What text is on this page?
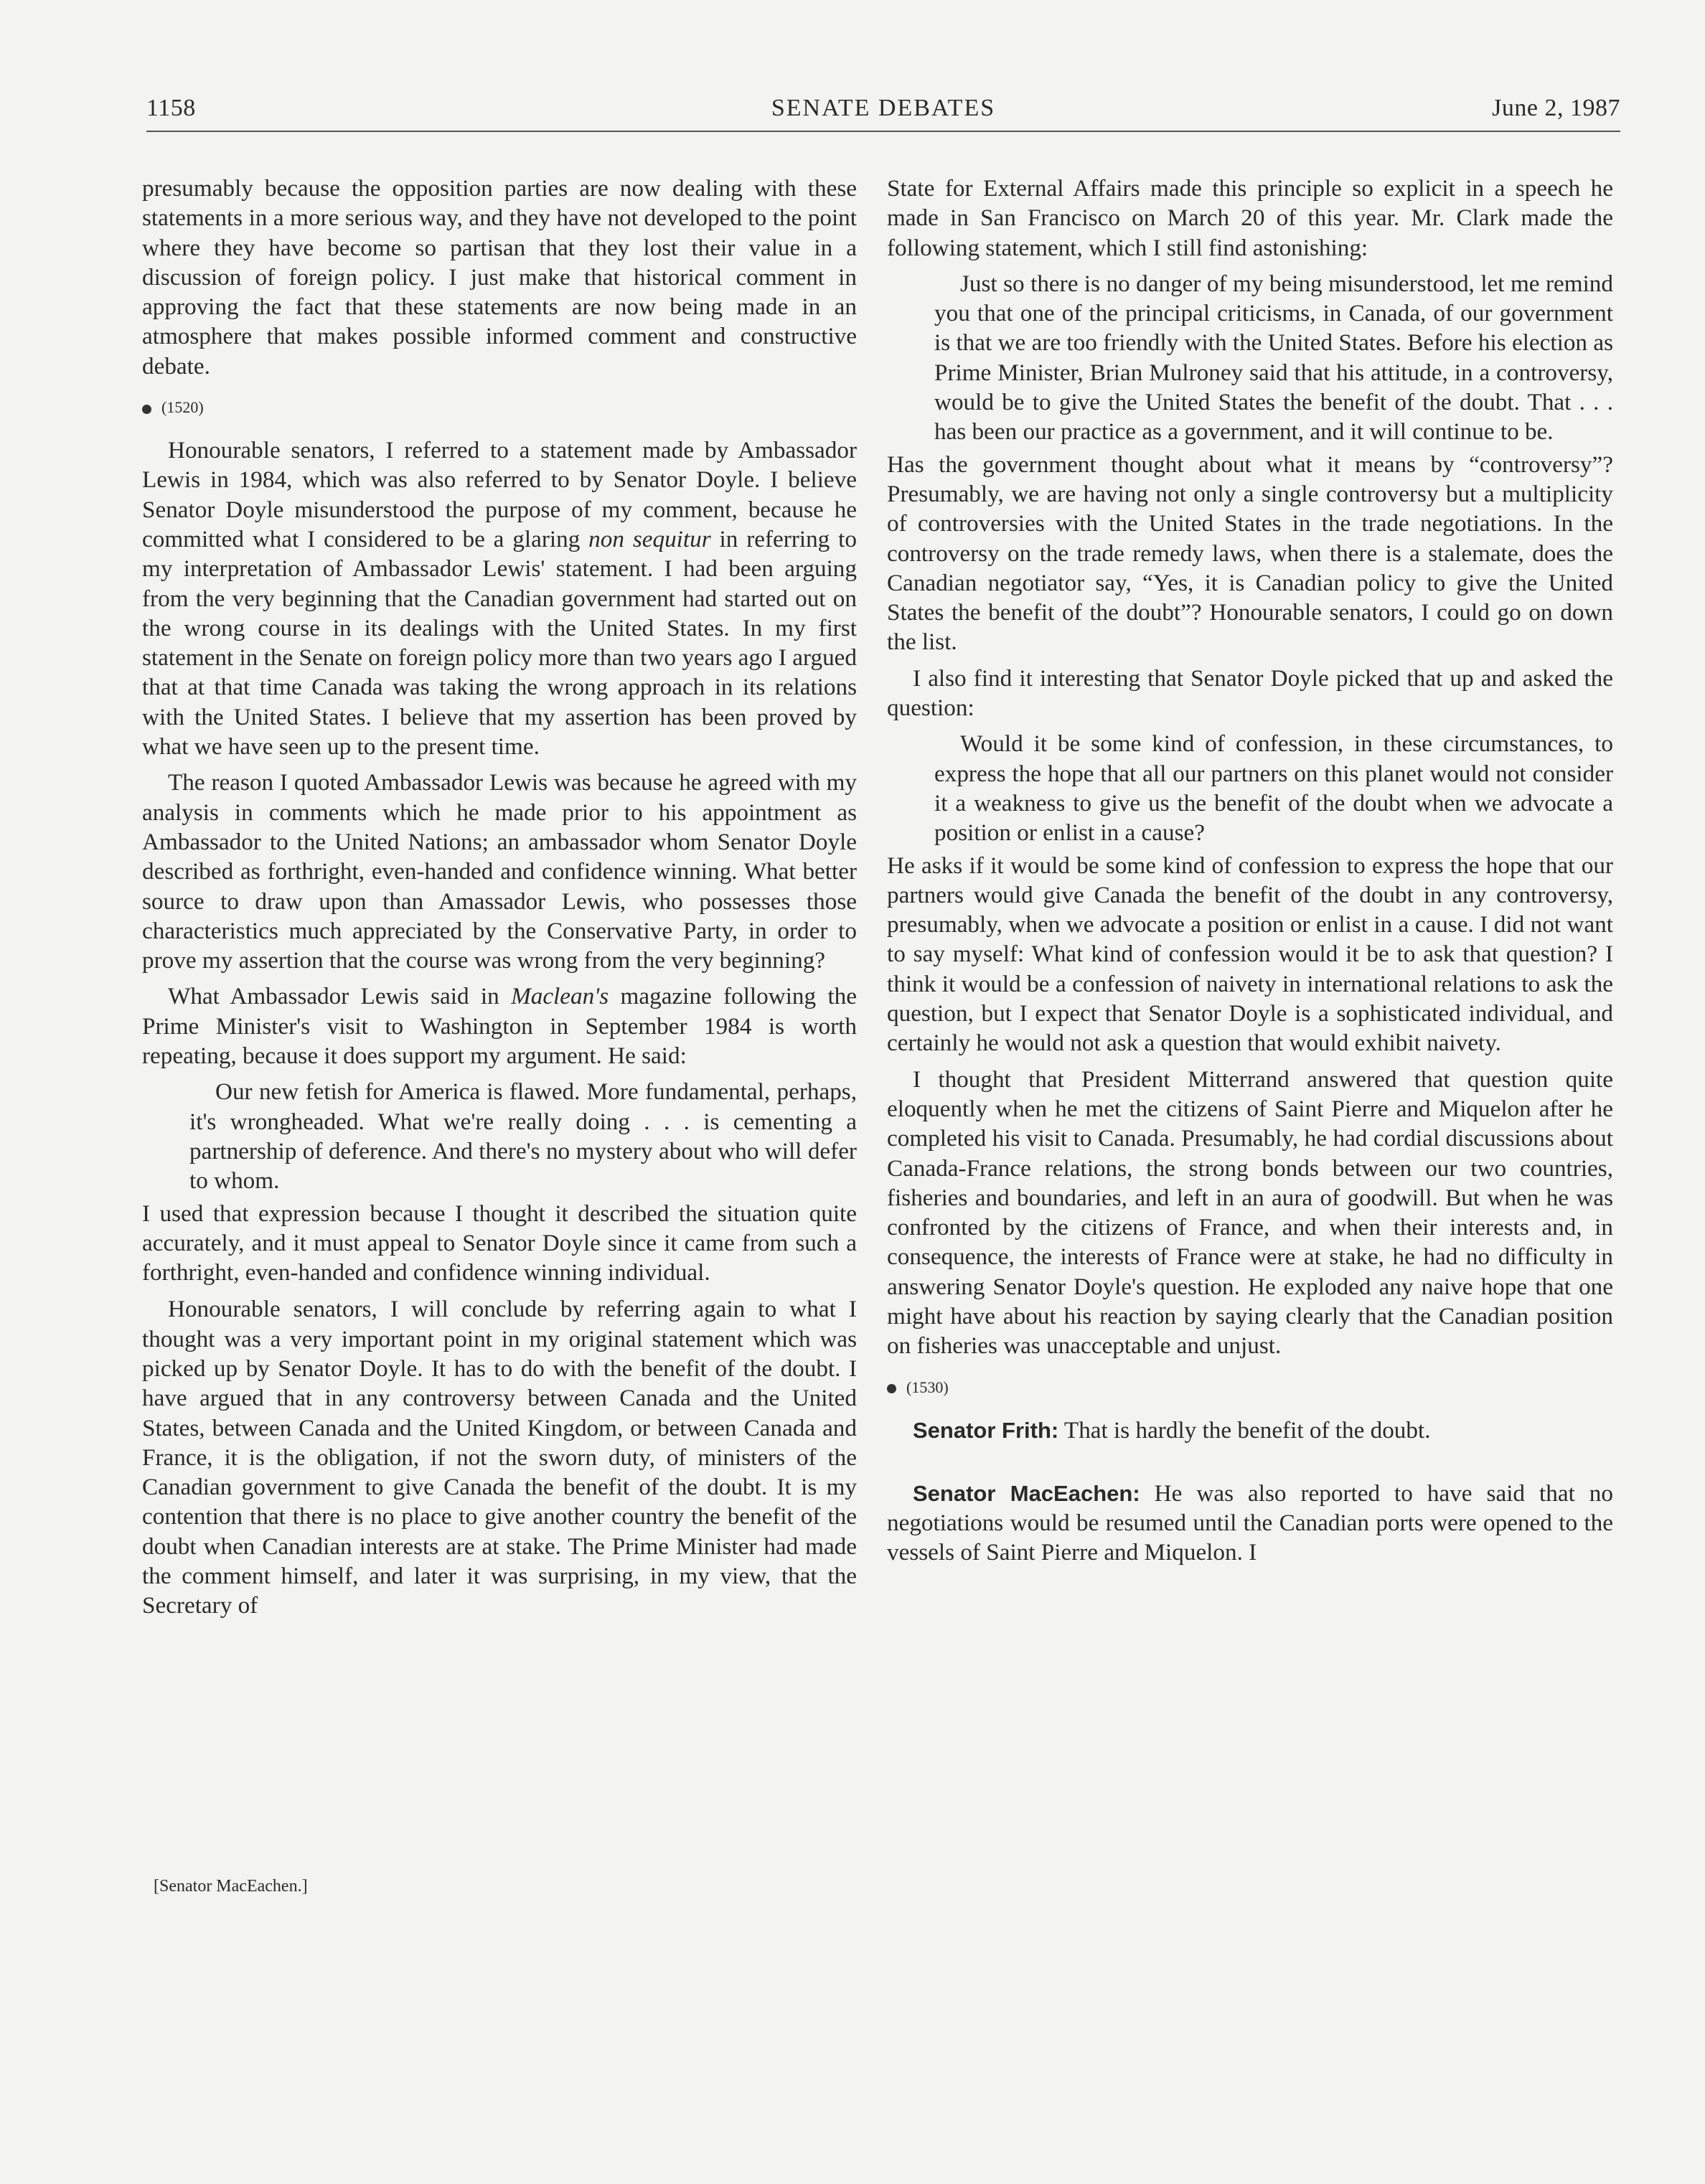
1158	SENATE DEBATES	June 2, 1987

presumably because the opposition parties are now dealing with these statements in a more serious way, and they have not developed to the point where they have become so partisan that they lost their value in a discussion of foreign policy. I just make that historical comment in approving the fact that these statements are now being made in an atmosphere that makes possible informed comment and constructive debate.

(1520)

Honourable senators, I referred to a statement made by Ambassador Lewis in 1984, which was also referred to by Senator Doyle. I believe Senator Doyle misunderstood the purpose of my comment, because he committed what I considered to be a glaring non sequitur in referring to my interpretation of Ambassador Lewis' statement. I had been arguing from the very beginning that the Canadian government had started out on the wrong course in its dealings with the United States. In my first statement in the Senate on foreign policy more than two years ago I argued that at that time Canada was taking the wrong approach in its relations with the United States. I believe that my assertion has been proved by what we have seen up to the present time.

The reason I quoted Ambassador Lewis was because he agreed with my analysis in comments which he made prior to his appointment as Ambassador to the United Nations; an ambassador whom Senator Doyle described as forthright, even-handed and confidence winning. What better source to draw upon than Amassador Lewis, who possesses those characteristics much appreciated by the Conservative Party, in order to prove my assertion that the course was wrong from the very beginning?

What Ambassador Lewis said in Maclean's magazine following the Prime Minister's visit to Washington in September 1984 is worth repeating, because it does support my argument. He said:

Our new fetish for America is flawed. More fundamental, perhaps, it's wrongheaded. What we're really doing . . . is cementing a partnership of deference. And there's no mystery about who will defer to whom.

I used that expression because I thought it described the situation quite accurately, and it must appeal to Senator Doyle since it came from such a forthright, even-handed and confidence winning individual.

Honourable senators, I will conclude by referring again to what I thought was a very important point in my original statement which was picked up by Senator Doyle. It has to do with the benefit of the doubt. I have argued that in any controversy between Canada and the United States, between Canada and the United Kingdom, or between Canada and France, it is the obligation, if not the sworn duty, of ministers of the Canadian government to give Canada the benefit of the doubt. It is my contention that there is no place to give another country the benefit of the doubt when Canadian interests are at stake. The Prime Minister had made the comment himself, and later it was surprising, in my view, that the Secretary of

State for External Affairs made this principle so explicit in a speech he made in San Francisco on March 20 of this year. Mr. Clark made the following statement, which I still find astonishing:

Just so there is no danger of my being misunderstood, let me remind you that one of the principal criticisms, in Canada, of our government is that we are too friendly with the United States. Before his election as Prime Minister, Brian Mulroney said that his attitude, in a controversy, would be to give the United States the benefit of the doubt. That . . . has been our practice as a government, and it will continue to be.

Has the government thought about what it means by “controversy”? Presumably, we are having not only a single controversy but a multiplicity of controversies with the United States in the trade negotiations. In the controversy on the trade remedy laws, when there is a stalemate, does the Canadian negotiator say, “Yes, it is Canadian policy to give the United States the benefit of the doubt”? Honourable senators, I could go on down the list.

I also find it interesting that Senator Doyle picked that up and asked the question:

Would it be some kind of confession, in these circumstances, to express the hope that all our partners on this planet would not consider it a weakness to give us the benefit of the doubt when we advocate a position or enlist in a cause?

He asks if it would be some kind of confession to express the hope that our partners would give Canada the benefit of the doubt in any controversy, presumably, when we advocate a position or enlist in a cause. I did not want to say myself: What kind of confession would it be to ask that question? I think it would be a confession of naivety in international relations to ask the question, but I expect that Senator Doyle is a sophisticated individual, and certainly he would not ask a question that would exhibit naivety.

I thought that President Mitterrand answered that question quite eloquently when he met the citizens of Saint Pierre and Miquelon after he completed his visit to Canada. Presumably, he had cordial discussions about Canada-France relations, the strong bonds between our two countries, fisheries and boundaries, and left in an aura of goodwill. But when he was confronted by the citizens of France, and when their interests and, in consequence, the interests of France were at stake, he had no difficulty in answering Senator Doyle's question. He exploded any naive hope that one might have about his reaction by saying clearly that the Canadian position on fisheries was unacceptable and unjust.

(1530)

Senator Frith: That is hardly the benefit of the doubt.

Senator MacEachen: He was also reported to have said that no negotiations would be resumed until the Canadian ports were opened to the vessels of Saint Pierre and Miquelon. I

[Senator MacEachen.]
